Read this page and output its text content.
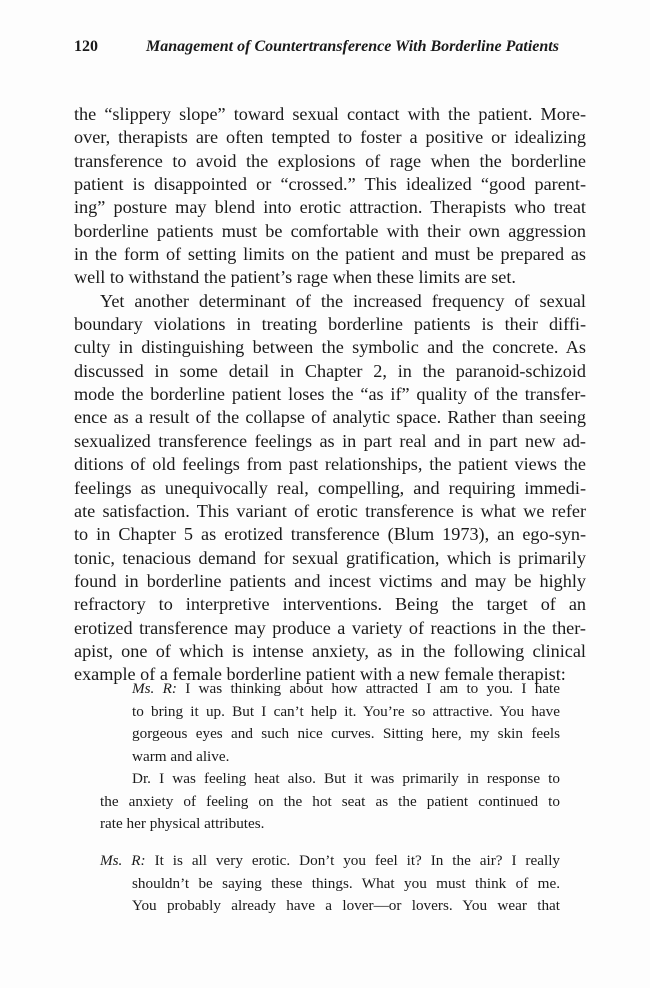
120	Management of Countertransference With Borderline Patients
the “slippery slope” toward sexual contact with the patient. More-
over, therapists are often tempted to foster a positive or idealizing
transference to avoid the explosions of rage when the borderline
patient is disappointed or “crossed.” This idealized “good parent-
ing” posture may blend into erotic attraction. Therapists who treat
borderline patients must be comfortable with their own aggression
in the form of setting limits on the patient and must be prepared as
well to withstand the patient’s rage when these limits are set.
Yet another determinant of the increased frequency of sexual
boundary violations in treating borderline patients is their diffi-
culty in distinguishing between the symbolic and the concrete. As
discussed in some detail in Chapter 2, in the paranoid-schizoid
mode the borderline patient loses the “as if” quality of the transfer-
ence as a result of the collapse of analytic space. Rather than seeing
sexualized transference feelings as in part real and in part new ad-
ditions of old feelings from past relationships, the patient views the
feelings as unequivocally real, compelling, and requiring immedi-
ate satisfaction. This variant of erotic transference is what we refer
to in Chapter 5 as erotized transference (Blum 1973), an ego-syn-
tonic, tenacious demand for sexual gratification, which is primarily
found in borderline patients and incest victims and may be highly
refractory to interpretive interventions. Being the target of an
erotized transference may produce a variety of reactions in the ther-
apist, one of which is intense anxiety, as in the following clinical
example of a female borderline patient with a new female therapist:
Ms. R: I was thinking about how attracted I am to you. I hate
to bring it up. But I can’t help it. You’re so attractive. You have
gorgeous eyes and such nice curves. Sitting here, my skin feels
warm and alive.
Dr. I was feeling heat also. But it was primarily in response to
the anxiety of feeling on the hot seat as the patient continued to
rate her physical attributes.
Ms. R: It is all very erotic. Don’t you feel it? In the air? I really
shouldn’t be saying these things. What you must think of me.
You probably already have a lover—or lovers. You wear that
